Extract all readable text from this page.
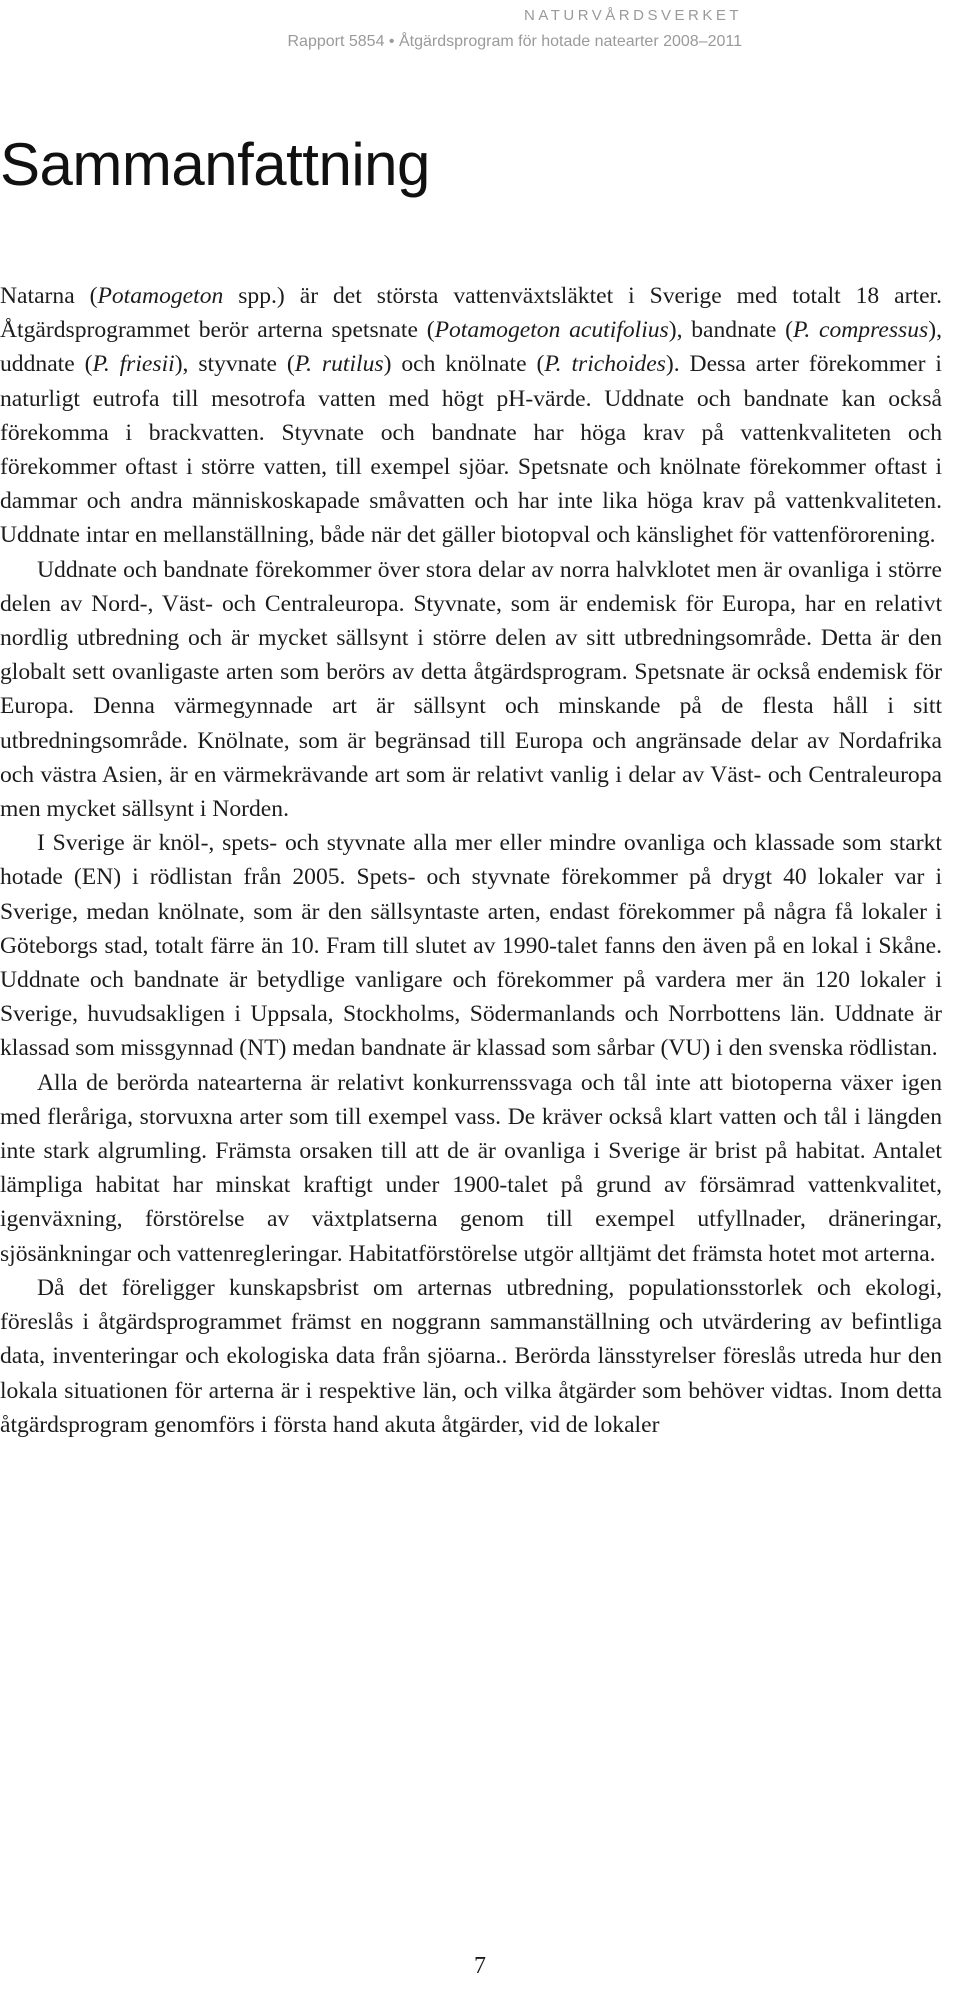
NATURVÅRDSVERKET
Rapport 5854 • Åtgärdsprogram för hotade natearter 2008–2011
Sammanfattning

Natarna (Potamogeton spp.) är det största vattenväxtsläktet i Sverige med totalt 18 arter. Åtgärdsprogrammet berör arterna spetsnate (Potamogeton acutifolius), bandnate (P. compressus), uddnate (P. friesii), styvnate (P. rutilus) och knölnate (P. trichoides). Dessa arter förekommer i naturligt eutrofa till mesotrofa vatten med högt pH-värde. Uddnate och bandnate kan också förekomma i brackvatten. Styvnate och bandnate har höga krav på vattenkvaliteten och förekommer oftast i större vatten, till exempel sjöar. Spetsnate och knölnate förekommer oftast i dammar och andra människoskapade småvatten och har inte lika höga krav på vattenkvaliteten. Uddnate intar en mellanställning, både när det gäller biotopval och känslighet för vattenförorening.

Uddnate och bandnate förekommer över stora delar av norra halvklotet men är ovanliga i större delen av Nord-, Väst- och Centraleuropa. Styvnate, som är endemisk för Europa, har en relativt nordlig utbredning och är mycket sällsynt i större delen av sitt utbredningsområde. Detta är den globalt sett ovanligaste arten som berörs av detta åtgärdsprogram. Spetsnate är också endemisk för Europa. Denna värmegynnade art är sällsynt och minskande på de flesta håll i sitt utbredningsområde. Knölnate, som är begränsad till Europa och angränsade delar av Nordafrika och västra Asien, är en värmekrävande art som är relativt vanlig i delar av Väst- och Centraleuropa men mycket sällsynt i Norden.

I Sverige är knöl-, spets- och styvnate alla mer eller mindre ovanliga och klassade som starkt hotade (EN) i rödlistan från 2005. Spets- och styvnate förekommer på drygt 40 lokaler var i Sverige, medan knölnate, som är den sällsyntaste arten, endast förekommer på några få lokaler i Göteborgs stad, totalt färre än 10. Fram till slutet av 1990-talet fanns den även på en lokal i Skåne. Uddnate och bandnate är betydlige vanligare och förekommer på vardera mer än 120 lokaler i Sverige, huvudsakligen i Uppsala, Stockholms, Södermanlands och Norrbottens län. Uddnate är klassad som missgynnad (NT) medan bandnate är klassad som sårbar (VU) i den svenska rödlistan.

Alla de berörda natearterna är relativt konkurrenssvaga och tål inte att biotoperna växer igen med fleråriga, storvuxna arter som till exempel vass. De kräver också klart vatten och tål i längden inte stark algrumling. Främsta orsaken till att de är ovanliga i Sverige är brist på habitat. Antalet lämpliga habitat har minskat kraftigt under 1900-talet på grund av försämrad vattenkvalitet, igenväxning, förstörelse av växtplatserna genom till exempel utfyllnader, dräneringar, sjösänkningar och vattenregleringar. Habitatförstörelse utgör alltjämt det främsta hotet mot arterna.

Då det föreligger kunskapsbrist om arternas utbredning, populationsstorlek och ekologi, föreslås i åtgärdsprogrammet främst en noggrann sammanställning och utvärdering av befintliga data, inventeringar och ekologiska data från sjöarna.. Berörda länsstyrelser föreslås utreda hur den lokala situationen för arterna är i respektive län, och vilka åtgärder som behöver vidtas. Inom detta åtgärdsprogram genomförs i första hand akuta åtgärder, vid de lokaler

7
